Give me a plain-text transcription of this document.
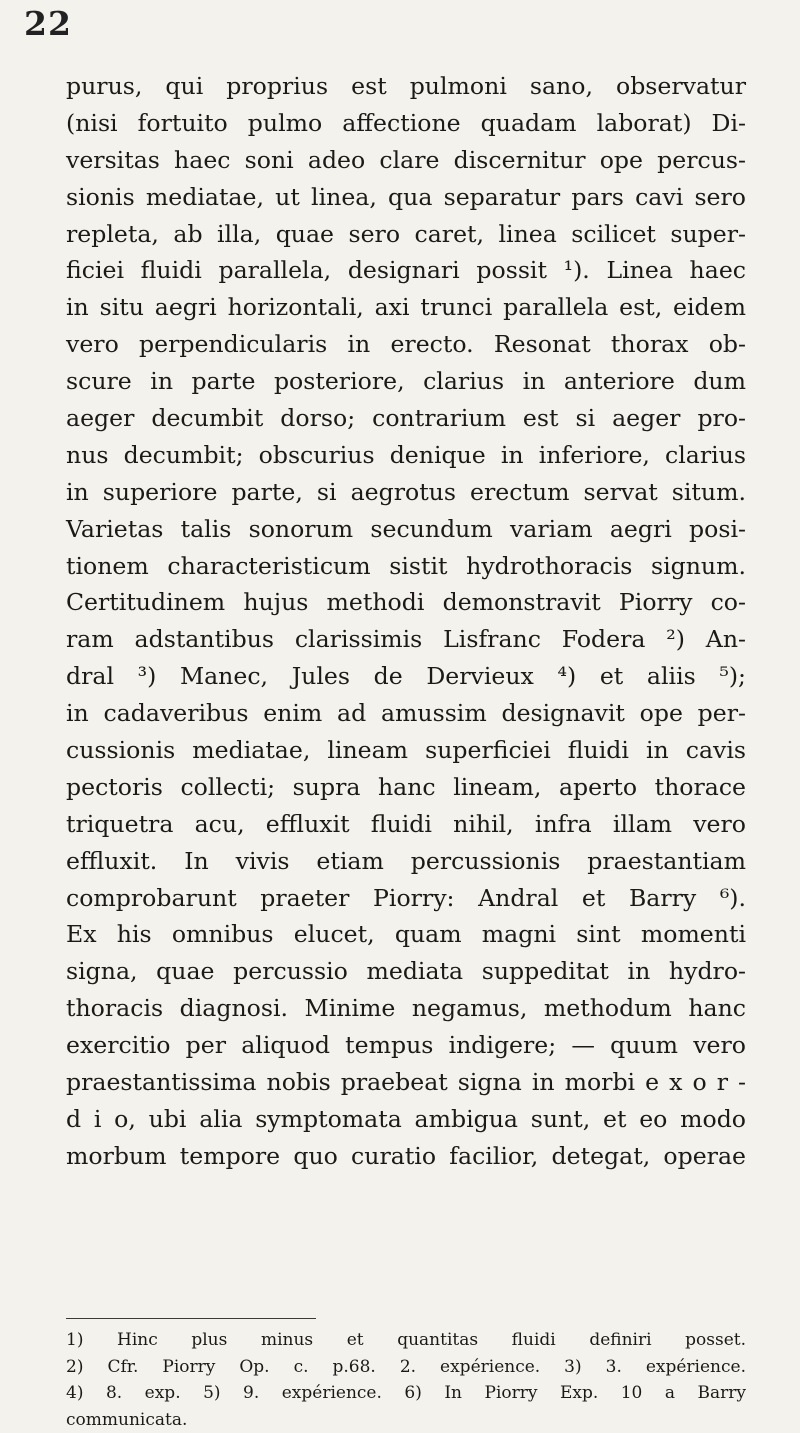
22
purus, qui proprius est pulmoni sano, observatur
(nisi fortuito pulmo affectione quadam laborat) Di-
versitas haec soni adeo clare discernitur ope percus-
sionis mediatae, ut linea, qua separatur pars cavi sero
repleta, ab illa, quae sero caret, linea scilicet super-
ficiei fluidi parallela, designari possit ¹). Linea haec
in situ aegri horizontali, axi trunci parallela est, eidem
vero perpendicularis in erecto. Resonat thorax ob-
scure in parte posteriore, clarius in anteriore dum
aeger decumbit dorso; contrarium est si aeger pro-
nus decumbit; obscurius denique in inferiore, clarius
in superiore parte, si aegrotus erectum servat situm.
Varietas talis sonorum secundum variam aegri posi-
tionem characteristicum sistit hydrothoracis signum.
Certitudinem hujus methodi demonstravit Piorry co-
ram adstantibus clarissimis Lisfranc Fodera ²) An-
dral ³) Manec, Jules de Dervieux ⁴) et aliis ⁵);
in cadaveribus enim ad amussim designavit ope per-
cussionis mediatae, lineam superficiei fluidi in cavis
pectoris collecti; supra hanc lineam, aperto thorace
triquetra acu, effluxit fluidi nihil, infra illam vero
effluxit. In vivis etiam percussionis praestantiam
comprobarunt praeter Piorry: Andral et Barry ⁶).
Ex his omnibus elucet, quam magni sint momenti
signa, quae percussio mediata suppeditat in hydro-
thoracis diagnosi. Minime negamus, methodum hanc
exercitio per aliquod tempus indigere; — quum vero
praestantissima nobis praebeat signa in morbi e x o r -
d i o, ubi alia symptomata ambigua sunt, et eo modo
morbum tempore quo curatio facilior, detegat, operae
1) Hinc plus minus et quantitas fluidi definiri posset.
2) Cfr. Piorry Op. c. p.68. 2. expérience. 3) 3. expérience.
4) 8. exp. 5) 9. expérience. 6) In Piorry Exp. 10 a Barry
communicata.
